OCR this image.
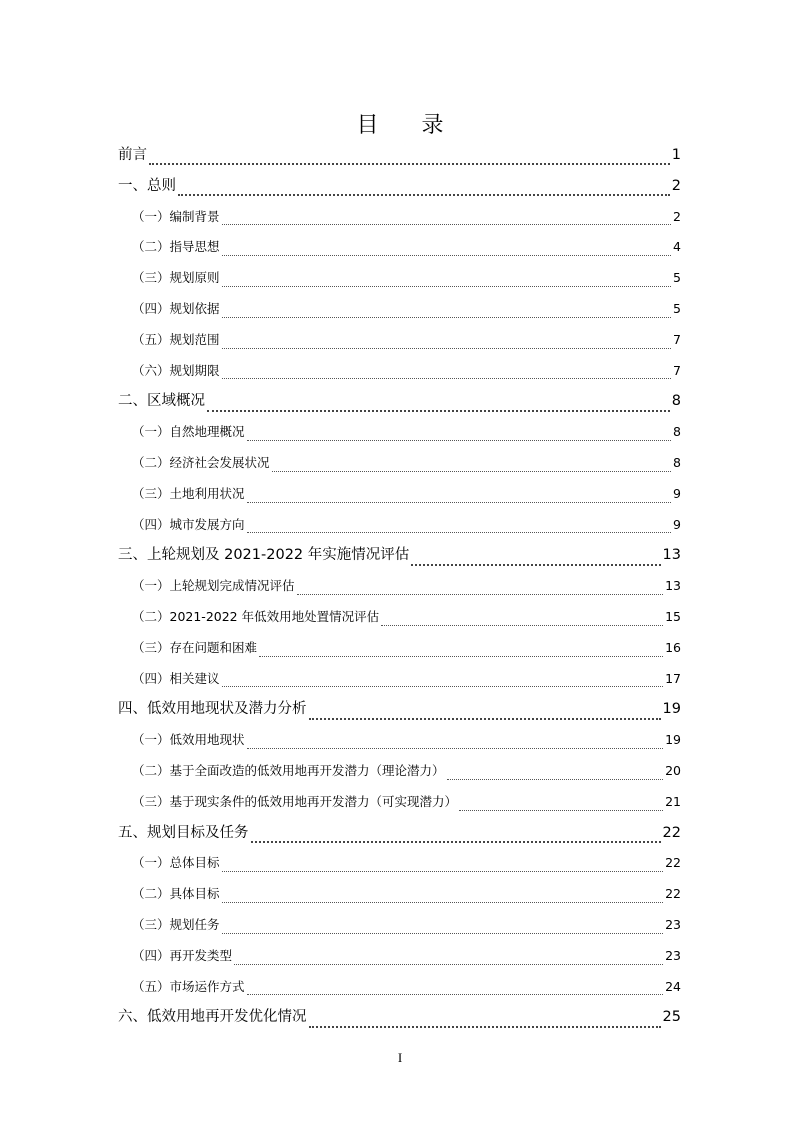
目 录
前言	1
一、总则	2
（一）编制背景	2
（二）指导思想	4
（三）规划原则	5
（四）规划依据	5
（五）规划范围	7
（六）规划期限	7
二、区域概况	8
（一）自然地理概况	8
（二）经济社会发展状况	8
（三）土地利用状况	9
（四）城市发展方向	9
三、上轮规划及 2021-2022 年实施情况评估	13
（一）上轮规划完成情况评估	13
（二）2021-2022 年低效用地处置情况评估	15
（三）存在问题和困难	16
（四）相关建议	17
四、低效用地现状及潜力分析	19
（一）低效用地现状	19
（二）基于全面改造的低效用地再开发潜力（理论潜力）	20
（三）基于现实条件的低效用地再开发潜力（可实现潜力）	21
五、规划目标及任务	22
（一）总体目标	22
（二）具体目标	22
（三）规划任务	23
（四）再开发类型	23
（五）市场运作方式	24
六、低效用地再开发优化情况	25
I
